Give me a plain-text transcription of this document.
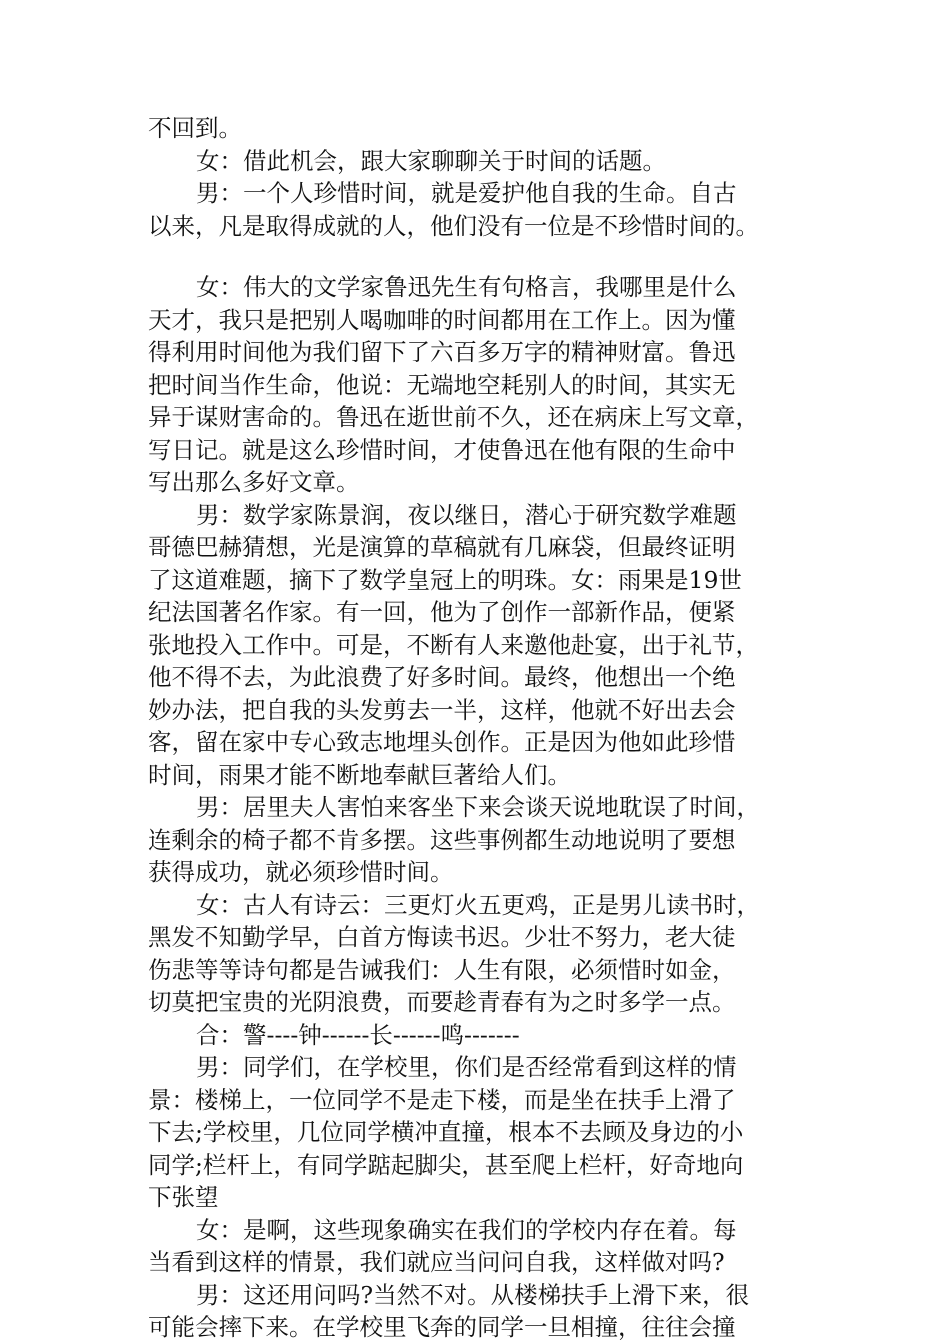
不回到。
女：借此机会，跟大家聊聊关于时间的话题。
男：一个人珍惜时间，就是爱护他自我的生命。自古
以来，凡是取得成就的人，他们没有一位是不珍惜时间的。
女：伟大的文学家鲁迅先生有句格言，我哪里是什么
天才，我只是把别人喝咖啡的时间都用在工作上。因为懂
得利用时间他为我们留下了六百多万字的精神财富。鲁迅
把时间当作生命，他说：无端地空耗别人的时间，其实无
异于谋财害命的。鲁迅在逝世前不久，还在病床上写文章，
写日记。就是这么珍惜时间，才使鲁迅在他有限的生命中
写出那么多好文章。
男：数学家陈景润，夜以继日，潜心于研究数学难题
哥德巴赫猜想，光是演算的草稿就有几麻袋，但最终证明
了这道难题，摘下了数学皇冠上的明珠。女：雨果是19世
纪法国著名作家。有一回，他为了创作一部新作品，便紧
张地投入工作中。可是，不断有人来邀他赴宴，出于礼节，
他不得不去，为此浪费了好多时间。最终，他想出一个绝
妙办法，把自我的头发剪去一半，这样，他就不好出去会
客，留在家中专心致志地埋头创作。正是因为他如此珍惜
时间，雨果才能不断地奉献巨著给人们。
男：居里夫人害怕来客坐下来会谈天说地耽误了时间，
连剩余的椅子都不肯多摆。这些事例都生动地说明了要想
获得成功，就必须珍惜时间。
女：古人有诗云：三更灯火五更鸡，正是男儿读书时，
黑发不知勤学早，白首方悔读书迟。少壮不努力，老大徒
伤悲等等诗句都是告诫我们：人生有限，必须惜时如金，
切莫把宝贵的光阴浪费，而要趁青春有为之时多学一点。
合：警----钟------长------鸣-------
男：同学们，在学校里，你们是否经常看到这样的情
景：楼梯上，一位同学不是走下楼，而是坐在扶手上滑了
下去;学校里，几位同学横冲直撞，根本不去顾及身边的小
同学;栏杆上，有同学踮起脚尖，甚至爬上栏杆，好奇地向
下张望
女：是啊，这些现象确实在我们的学校内存在着。每
当看到这样的情景，我们就应当问问自我，这样做对吗?
男：这还用问吗?当然不对。从楼梯扶手上滑下来，很
可能会摔下来。在学校里飞奔的同学一旦相撞，往往会撞
